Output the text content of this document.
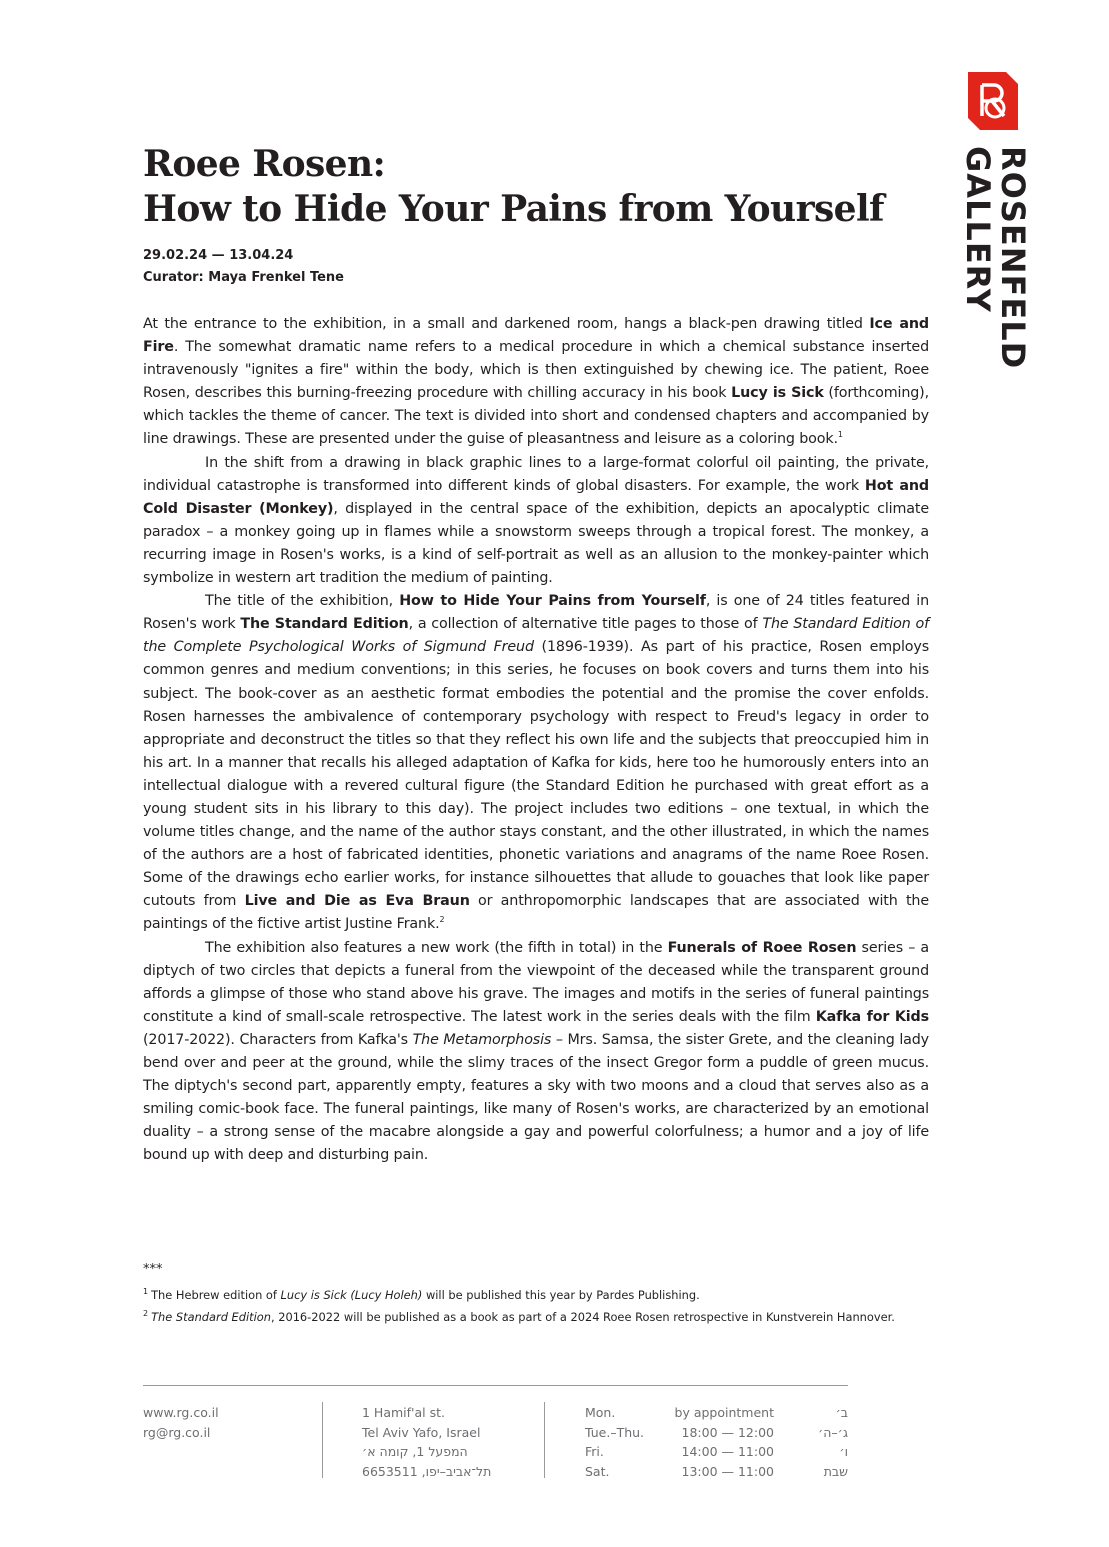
ROSENFELD
GALLERY
Roee Rosen:
How to Hide Your Pains from Yourself
29.02.24 — 13.04.24
Curator: Maya Frenkel Tene

At the entrance to the exhibition, in a small and darkened room, hangs a black-pen drawing titled Ice and Fire. The somewhat dramatic name refers to a medical procedure in which a chemical substance inserted intravenously "ignites a fire" within the body, which is then extinguished by chewing ice. The patient, Roee Rosen, describes this burning-freezing procedure with chilling accuracy in his book Lucy is Sick (forthcoming), which tackles the theme of cancer. The text is divided into short and condensed chapters and accompanied by line drawings. These are presented under the guise of pleasantness and leisure as a coloring book.$^1$

In the shift from a drawing in black graphic lines to a large-format colorful oil painting, the private, individual catastrophe is transformed into different kinds of global disasters. For example, the work Hot and Cold Disaster (Monkey), displayed in the central space of the exhibition, depicts an apocalyptic climate paradox – a monkey going up in flames while a snowstorm sweeps through a tropical forest. The monkey, a recurring image in Rosen's works, is a kind of self-portrait as well as an allusion to the monkey-painter which symbolize in western art tradition the medium of painting.

The title of the exhibition, How to Hide Your Pains from Yourself, is one of 24 titles featured in Rosen's work The Standard Edition, a collection of alternative title pages to those of The Standard Edition of the Complete Psychological Works of Sigmund Freud (1896-1939). As part of his practice, Rosen employs common genres and medium conventions; in this series, he focuses on book covers and turns them into his subject. The book-cover as an aesthetic format embodies the potential and the promise the cover enfolds. Rosen harnesses the ambivalence of contemporary psychology with respect to Freud's legacy in order to appropriate and deconstruct the titles so that they reflect his own life and the subjects that preoccupied him in his art. In a manner that recalls his alleged adaptation of Kafka for kids, here too he humorously enters into an intellectual dialogue with a revered cultural figure (the Standard Edition he purchased with great effort as a young student sits in his library to this day). The project includes two editions – one textual, in which the volume titles change, and the name of the author stays constant, and the other illustrated, in which the names of the authors are a host of fabricated identities, phonetic variations and anagrams of the name Roee Rosen. Some of the drawings echo earlier works, for instance silhouettes that allude to gouaches that look like paper cutouts from Live and Die as Eva Braun or anthropomorphic landscapes that are associated with the paintings of the fictive artist Justine Frank.$^2$

The exhibition also features a new work (the fifth in total) in the Funerals of Roee Rosen series – a diptych of two circles that depicts a funeral from the viewpoint of the deceased while the transparent ground affords a glimpse of those who stand above his grave. The images and motifs in the series of funeral paintings constitute a kind of small-scale retrospective. The latest work in the series deals with the film Kafka for Kids (2017-2022). Characters from Kafka's The Metamorphosis – Mrs. Samsa, the sister Grete, and the cleaning lady bend over and peer at the ground, while the slimy traces of the insect Gregor form a puddle of green mucus. The diptych's second part, apparently empty, features a sky with two moons and a cloud that serves also as a smiling comic-book face. The funeral paintings, like many of Rosen's works, are characterized by an emotional duality – a strong sense of the macabre alongside a gay and powerful colorfulness; a humor and a joy of life bound up with deep and disturbing pain.

***
$^1$ The Hebrew edition of Lucy is Sick (Lucy Holeh) will be published this year by Pardes Publishing.
$^2$ The Standard Edition, 2016-2022 will be published as a book as part of a 2024 Roee Rosen retrospective in Kunstverein Hannover.
www.rg.co.il
rg@rg.co.il
1 Hamif'al st.
Tel Aviv Yafo, Israel
המפעל 1, קומה א׳
תל־אביב–יפו, 6653511
Mon.
Tue.–Thu.
Fri.
Sat.
by appointment
18:00 — 12:00
14:00 — 11:00
13:00 — 11:00
ב׳
ג׳–ה׳
ו׳
שבת
